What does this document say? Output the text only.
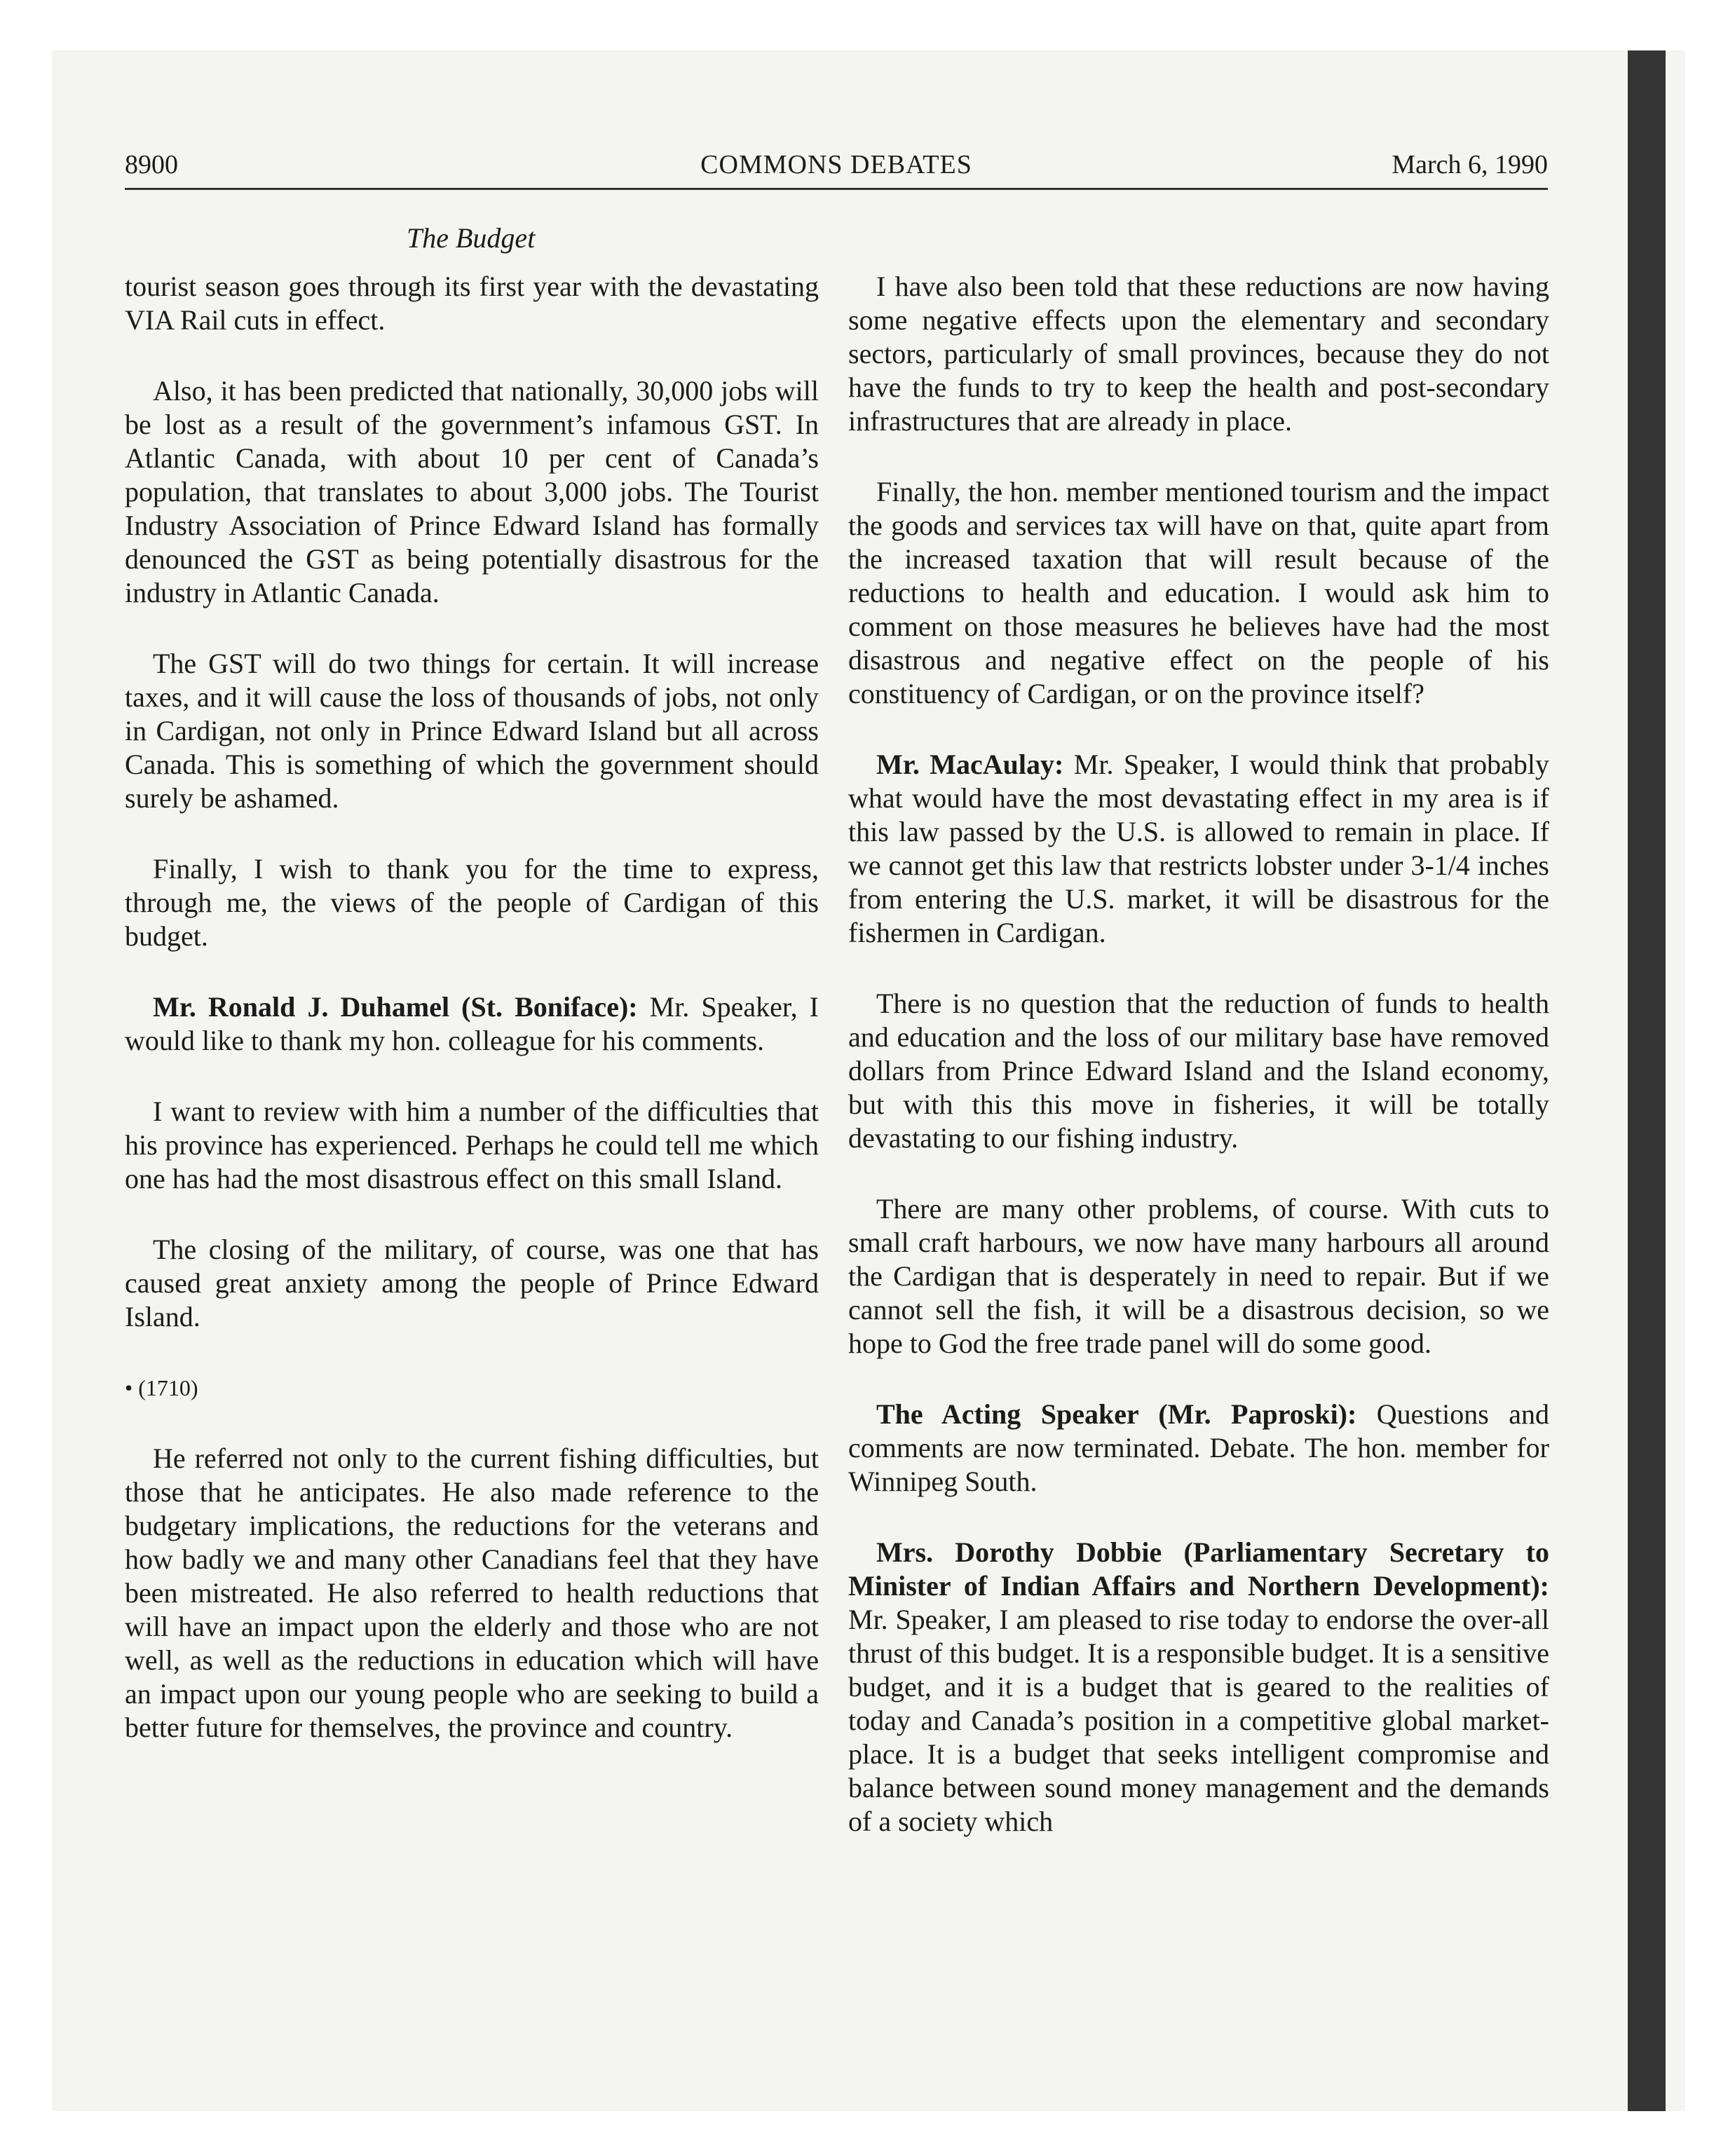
8900	COMMONS DEBATES	March 6, 1990
The Budget

tourist season goes through its first year with the devastating VIA Rail cuts in effect.

Also, it has been predicted that nationally, 30,000 jobs will be lost as a result of the government’s infamous GST. In Atlantic Canada, with about 10 per cent of Canada’s population, that translates to about 3,000 jobs. The Tourist Industry Association of Prince Edward Island has formally denounced the GST as being potentially disastrous for the industry in Atlantic Canada.

The GST will do two things for certain. It will increase taxes, and it will cause the loss of thousands of jobs, not only in Cardigan, not only in Prince Edward Island but all across Canada. This is something of which the government should surely be ashamed.

Finally, I wish to thank you for the time to express, through me, the views of the people of Cardigan of this budget.

Mr. Ronald J. Duhamel (St. Boniface): Mr. Speaker, I would like to thank my hon. colleague for his comments.

I want to review with him a number of the difficulties that his province has experienced. Perhaps he could tell me which one has had the most disastrous effect on this small Island.

The closing of the military, of course, was one that has caused great anxiety among the people of Prince Edward Island.

• (1710)

He referred not only to the current fishing difficulties, but those that he anticipates. He also made reference to the budgetary implications, the reductions for the veterans and how badly we and many other Canadians feel that they have been mistreated. He also referred to health reductions that will have an impact upon the elderly and those who are not well, as well as the reductions in education which will have an impact upon our young people who are seeking to build a better future for themselves, the province and country.

I have also been told that these reductions are now having some negative effects upon the elementary and secondary sectors, particularly of small provinces, because they do not have the funds to try to keep the health and post-secondary infrastructures that are already in place.

Finally, the hon. member mentioned tourism and the impact the goods and services tax will have on that, quite apart from the increased taxation that will result because of the reductions to health and education. I would ask him to comment on those measures he believes have had the most disastrous and negative effect on the people of his constituency of Cardigan, or on the province itself?

Mr. MacAulay: Mr. Speaker, I would think that probably what would have the most devastating effect in my area is if this law passed by the U.S. is allowed to remain in place. If we cannot get this law that restricts lobster under 3-1/4 inches from entering the U.S. market, it will be disastrous for the fishermen in Cardigan.

There is no question that the reduction of funds to health and education and the loss of our military base have removed dollars from Prince Edward Island and the Island economy, but with this this move in fisheries, it will be totally devastating to our fishing industry.

There are many other problems, of course. With cuts to small craft harbours, we now have many harbours all around the Cardigan that is desperately in need to repair. But if we cannot sell the fish, it will be a disastrous decision, so we hope to God the free trade panel will do some good.

The Acting Speaker (Mr. Paproski): Questions and comments are now terminated. Debate. The hon. member for Winnipeg South.

Mrs. Dorothy Dobbie (Parliamentary Secretary to Minister of Indian Affairs and Northern Development): Mr. Speaker, I am pleased to rise today to endorse the over-all thrust of this budget. It is a responsible budget. It is a sensitive budget, and it is a budget that is geared to the realities of today and Canada’s position in a competitive global market-place. It is a budget that seeks intelligent compromise and balance between sound money management and the demands of a society which
